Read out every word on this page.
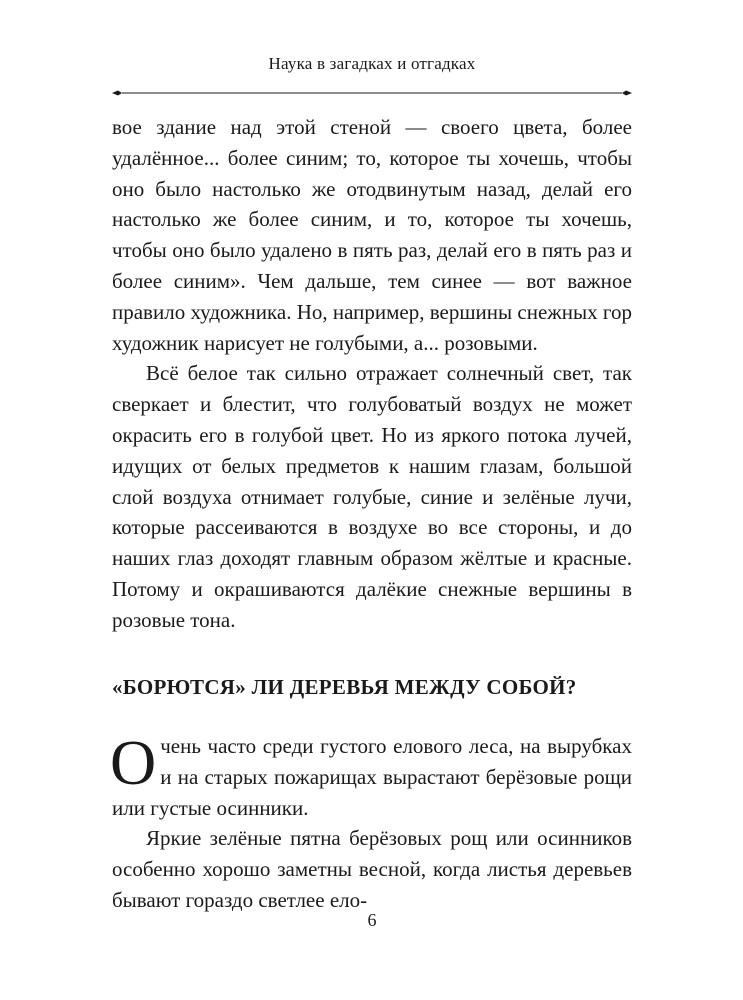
Наука в загадках и отгадках

вое здание над этой стеной — своего цвета, более удалённое... более синим; то, которое ты хочешь, чтобы оно было настолько же отодвинутым назад, делай его настолько же более синим, и то, которое ты хочешь, чтобы оно было удалено в пять раз, делай его в пять раз и более синим». Чем дальше, тем синее — вот важное правило художника. Но, например, вершины снежных гор художник нарисует не голубыми, а... розовыми.

Всё белое так сильно отражает солнечный свет, так сверкает и блестит, что голубоватый воздух не может окрасить его в голубой цвет. Но из яркого потока лучей, идущих от белых предметов к нашим глазам, большой слой воздуха отнимает голубые, синие и зелёные лучи, которые рассеиваются в воздухе во все стороны, и до наших глаз доходят главным образом жёлтые и красные. Потому и окрашиваются далёкие снежные вершины в розовые тона.

«БОРЮТСЯ» ЛИ ДЕРЕВЬЯ МЕЖДУ СОБОЙ?

Очень часто среди густого елового леса, на вырубках и на старых пожарищах вырастают берёзовые рощи или густые осинники.

Яркие зелёные пятна берёзовых рощ или осинников особенно хорошо заметны весной, когда листья деревьев бывают гораздо светлее ело-

6
